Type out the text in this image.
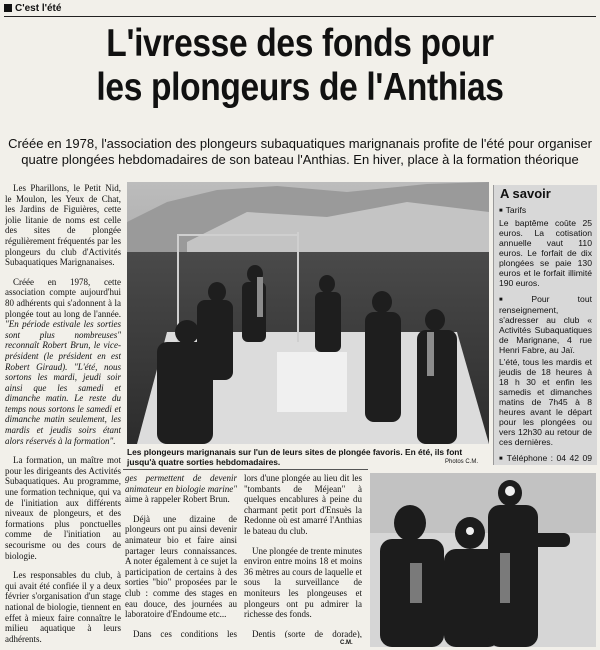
C'est l'été
L'ivresse des fonds pour
les plongeurs de l'Anthias
Créée en 1978, l'association des plongeurs subaquatiques marignanais profite de l'été pour organiser quatre plongées hebdomadaires de son bateau l'Anthias. En hiver, place à la formation théorique

Les Pharillons, le Petit Nid, le Moulon, les Yeux de Chat, les Jardins de Figuières, cette jolie litanie de noms est celle des sites de plongée régulièrement fréquentés par les plongeurs du club d'Activités Subaquatiques Marignanaises.

Créée en 1978, cette association compte aujourd'hui 80 adhérents qui s'adonnent à la plongée tout au long de l'année. "En période estivale les sorties sont plus nombreuses" reconnaît Robert Brun, le vice-président (le président en est Robert Giraud). "L'été, nous sortons les mardi, jeudi soir ainsi que les samedi et dimanche matin. Le reste du temps nous sortons le samedi et dimanche matin seulement, les mardis et jeudis soirs étant alors réservés à la formation".

La formation, un maître mot pour les dirigeants des Activités Subaquatiques. Au programme, une formation technique, qui va de l'initiation aux différents niveaux de plongeurs, et des formations plus ponctuelles comme de l'initiation au secourisme ou des cours de biologie.

Les responsables du club, à qui avait été confiée il y a deux février s'organisation d'un stage national de biologie, tiennent en effet à mieux faire connaître le milieu aquatique à leurs adhérents.

Les plongeurs marignanais sur l'un de leurs sites de plongée favoris. En été, ils font jusqu'à quatre sorties hebdomadaires.	Photos C.M.
A savoir
■ Tarifs
Le baptême coûte 25 euros. La cotisation annuelle vaut 110 euros. Le forfait de dix plongées se paie 130 euros et le forfait illimité 190 euros.
■ Pour tout renseignement, s'adresser au club « Activités Subaquatiques de Marignane, 4 rue Henri Fabre, au Jaï.
L'été, tous les mardis et jeudis de 18 heures à 18 h 30 et enfin les samedis et dimanches matins de 7h45 à 8 heures avant le départ pour les plongées ou vers 12h30 au retour de ces dernières.
■ Téléphone : 04 42 09

ges permettent de devenir animateur en biologie marine" aime à rappeler Robert Brun.

Déjà une dizaine de plongeurs ont pu ainsi devenir animateur bio et faire ainsi partager leurs connaissances. A noter également à ce sujet la participation de certains à des sorties "bio" proposées par le club : comme des stages en eau douce, des journées au laboratoire d'Endoume etc...

Dans ces conditions les

lors d'une plongée au lieu dit les "tombants de Méjean" à quelques encablures à peine du charmant petit port d'Ensuès la Redonne où est amarré l'Anthias le bateau du club.

Une plongée de trente minutes environ entre moins 18 et moins 36 mètres au cours de laquelle et sous la surveillance de moniteurs les plongeuses et plongeurs ont pu admirer la richesse des fonds.

Dentis (sorte de dorade),

C.M.
